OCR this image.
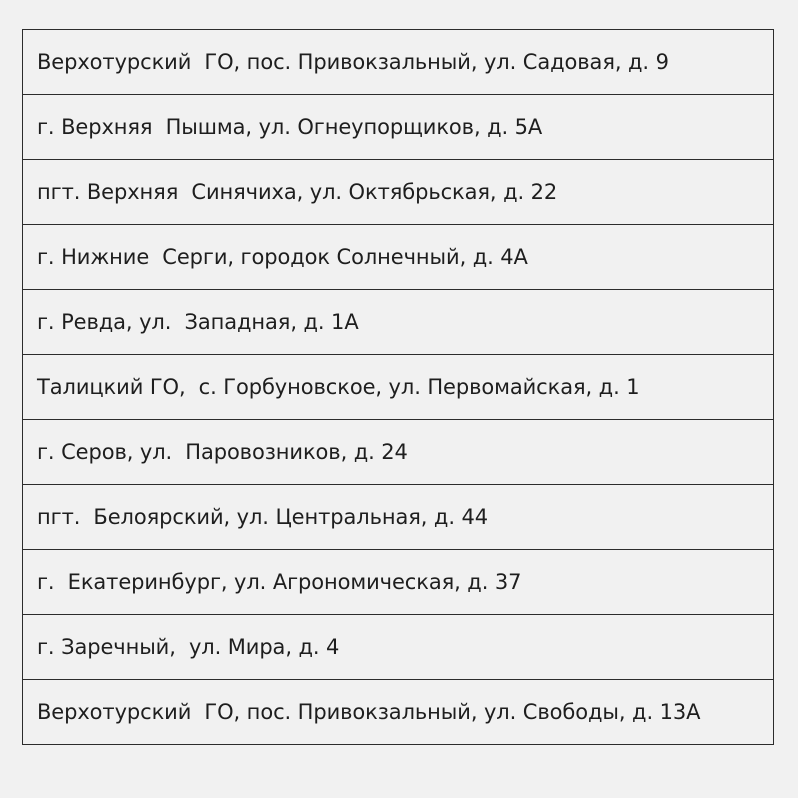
Верхотурский  ГО, пос. Привокзальный, ул. Садовая, д. 9
г. Верхняя  Пышма, ул. Огнеупорщиков, д. 5А
пгт. Верхняя  Синячиха, ул. Октябрьская, д. 22
г. Нижние  Серги, городок Солнечный, д. 4А
г. Ревда, ул.  Западная, д. 1А
Талицкий ГО,  с. Горбуновское, ул. Первомайская, д. 1
г. Серов, ул.  Паровозников, д. 24
пгт.  Белоярский, ул. Центральная, д. 44
г.  Екатеринбург, ул. Агрономическая, д. 37
г. Заречный,  ул. Мира, д. 4
Верхотурский  ГО, пос. Привокзальный, ул. Свободы, д. 13А
